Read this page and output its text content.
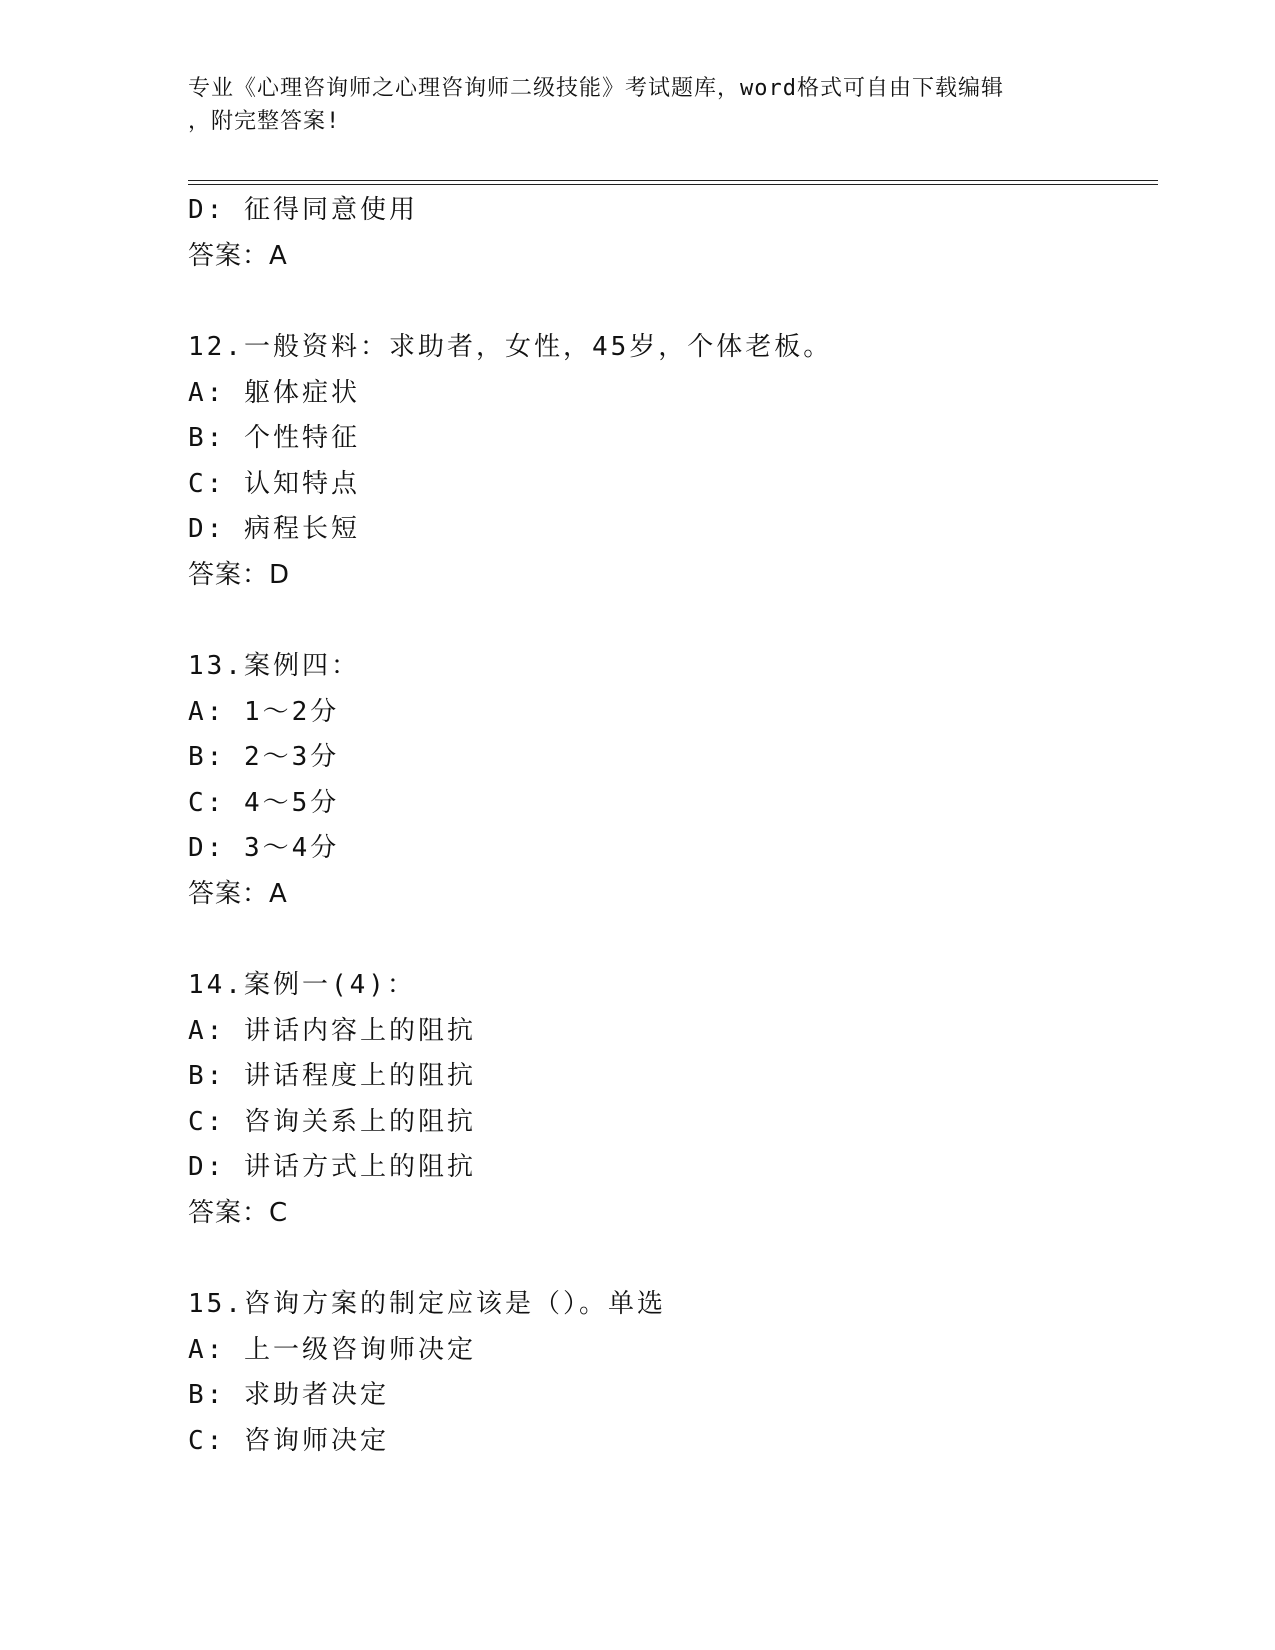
专业《心理咨询师之心理咨询师二级技能》考试题库，word格式可自由下载编辑
，附完整答案!
D: 征得同意使用
答案：A
12.一般资料：求助者，女性，45岁，个体老板。
A: 躯体症状
B: 个性特征
C: 认知特点
D: 病程长短
答案：D
13.案例四：
A: 1～2分
B: 2～3分
C: 4～5分
D: 3～4分
答案：A
14.案例一(4)：
A: 讲话内容上的阻抗
B: 讲话程度上的阻抗
C: 咨询关系上的阻抗
D: 讲话方式上的阻抗
答案：C
15.咨询方案的制定应该是（）。单选
A: 上一级咨询师决定
B: 求助者决定
C: 咨询师决定
